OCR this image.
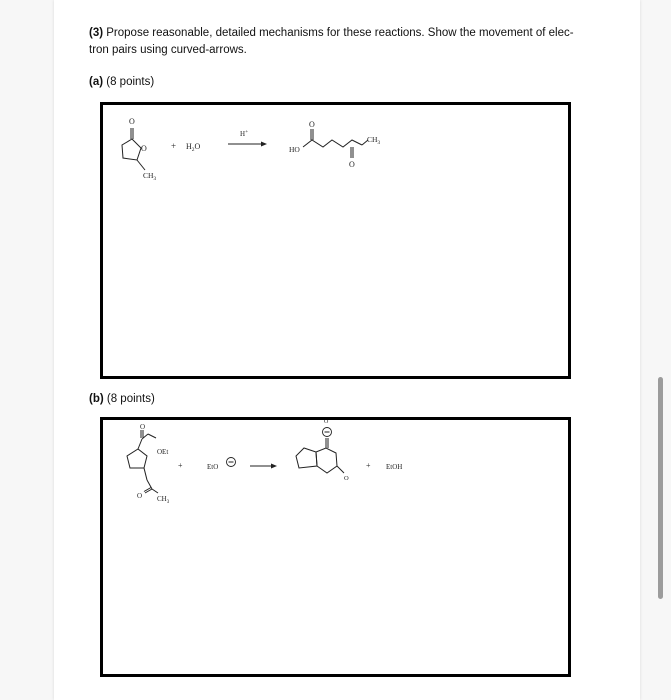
(3) Propose reasonable, detailed mechanisms for these reactions. Show the movement of elec-
tron pairs using curved-arrows.
(a) (8 points)
O
O
$CH_3$
+ $H_2O$
H+
HO
O
O
$CH_3$
(b) (8 points)
O
OEt
O $CH_3$
+	EtO
O
O
+ EtOH
